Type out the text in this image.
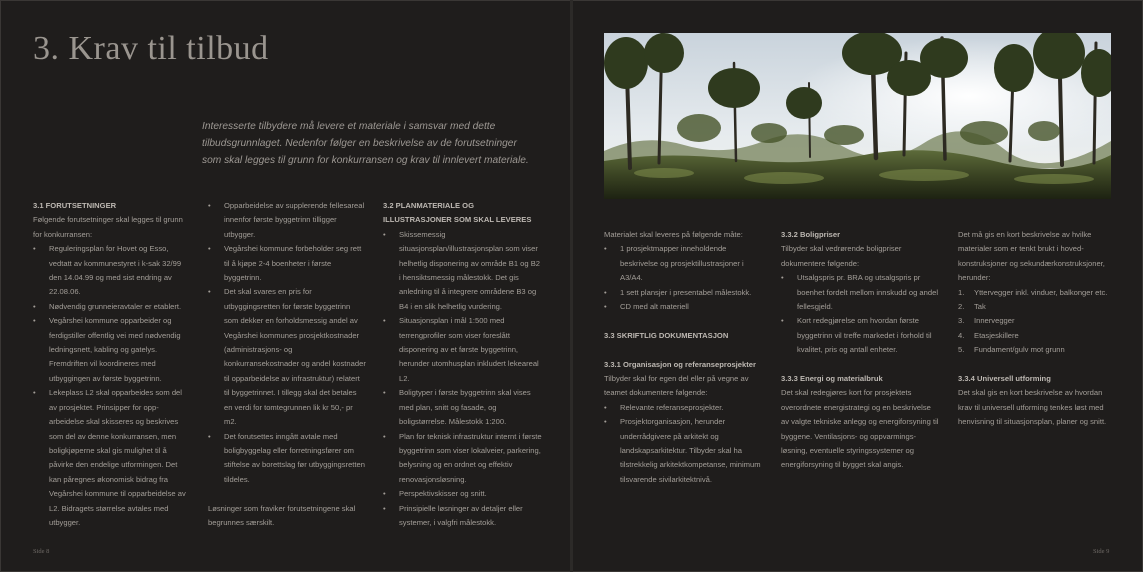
3. Krav til tilbud

Interesserte tilbydere må levere et materiale i samsvar med dette tilbudsgrunnlaget. Nedenfor følger en beskrivelse av de forutsetninger som skal legges til grunn for konkurransen og krav til innlevert materiale.

3.1 FORUTSETNINGER

Følgende forutsetninger skal legges til grunn for konkurransen:

• Reguleringsplan for Hovet og Esso, vedtatt av kommunestyret i k-sak 32/99 den 14.04.99 og med sist endring av 22.08.06.
• Nødvendig grunneieravtaler er etablert.
• Vegårshei kommune opparbeider og ferdigstiller offentlig vei med nødvendig ledningsnett, kabling og gatelys. Fremdriften vil koordineres med utbyggingen av første byggetrinn.
• Lekeplass L2 skal opparbeides som del av prosjektet. Prinsipper for opp-arbeidelse skal skisseres og beskrives som del av denne konkurransen, men boligkjøperne skal gis mulighet til å påvirke den endelige utformingen. Det kan påregnes økonomisk bidrag fra Vegårshei kommune til opparbeidelse av L2. Bidragets størrelse avtales med utbygger.
• Opparbeidelse av supplerende fellesareal innenfor første byggetrinn tilligger utbygger.
• Vegårshei kommune forbeholder seg rett til å kjøpe 2-4 boenheter i første byggetrinn.
• Det skal svares en pris for utbyggingsretten for første byggetrinn som dekker en forholdsmessig andel av Vegårshei kommunes prosjektkostnader (administrasjons- og konkurransekostnader og andel kostnader til opparbeidelse av infrastruktur) relatert til byggetrinnet. I tillegg skal det betales en verdi for tomtegrunnen lik kr 50,- pr m2.
• Det forutsettes inngått avtale med boligbyggelag eller forretningsfører om stiftelse av borettslag før utbyggingsretten tildeles.

Løsninger som fraviker forutsetningene skal begrunnes særskilt.

3.2 PLANMATERIALE OG
ILLUSTRASJONER SOM SKAL LEVERES
• Skissemessig situasjonsplan/illustrasjonsplan som viser helhetlig disponering av område B1 og B2 i hensiktsmessig målestokk. Det gis anledning til å integrere områdene B3 og B4 i en slik helhetlig vurdering.
• Situasjonsplan i mål 1:500 med terrengprofiler som viser foreslått disponering av et første byggetrinn, herunder utomhusplan inkludert lekeareal L2.
• Boligtyper i første byggetrinn skal vises med plan, snitt og fasade, og boligstørrelse. Målestokk 1:200.
• Plan for teknisk infrastruktur internt i første byggetrinn som viser lokalveier, parkering, belysning og en ordnet og effektiv renovasjonsløsning.
• Perspektivskisser og snitt.
• Prinsipielle løsninger av detaljer eller systemer, i valgfri målestokk.
Side 8

Materialet skal leveres på følgende måte:

• 1 prosjektmapper inneholdende beskrivelse og prosjektillustrasjoner i A3/A4.
• 1 sett plansjer i presentabel målestokk.
• CD med alt materiell
3.3 SKRIFTLIG DOKUMENTASJON
3.3.1 Organisasjon og referanseprosjekter

Tilbyder skal for egen del eller på vegne av teamet dokumentere følgende:

• Relevante referanseprosjekter.
• Prosjektorganisasjon, herunder underrådgivere på arkitekt og landskapsarkitektur. Tilbyder skal ha tilstrekkelig arkitektkompetanse, minimum tilsvarende sivilarkitektnivå.
3.3.2 Boligpriser

Tilbyder skal vedrørende boligpriser dokumentere følgende:

• Utsalgspris pr. BRA og utsalgspris pr boenhet fordelt mellom innskudd og andel fellesgjeld.
• Kort redegjørelse om hvordan første byggetrinn vil treffe markedet i forhold til kvalitet, pris og antall enheter.
3.3.3 Energi og materialbruk

Det skal redegjøres kort for prosjektets overordnete energistrategi og en beskrivelse av valgte tekniske anlegg og energiforsyning til byggene. Ventilasjons- og oppvarmings-løsning, eventuelle styringssystemer og energiforsyning til bygget skal angis.

Det må gis en kort beskrivelse av hvilke materialer som er tenkt brukt i hoved-konstruksjoner og sekundærkonstruksjoner, herunder:

1. Yttervegger inkl. vinduer, balkonger etc.
2. Tak
3. Innervegger
4. Etasjeskillere
5. Fundament/gulv mot grunn
3.3.4 Universell utforming

Det skal gis en kort beskrivelse av hvordan krav til universell utforming tenkes løst med henvisning til situasjonsplan, planer og snitt.

Side 9
